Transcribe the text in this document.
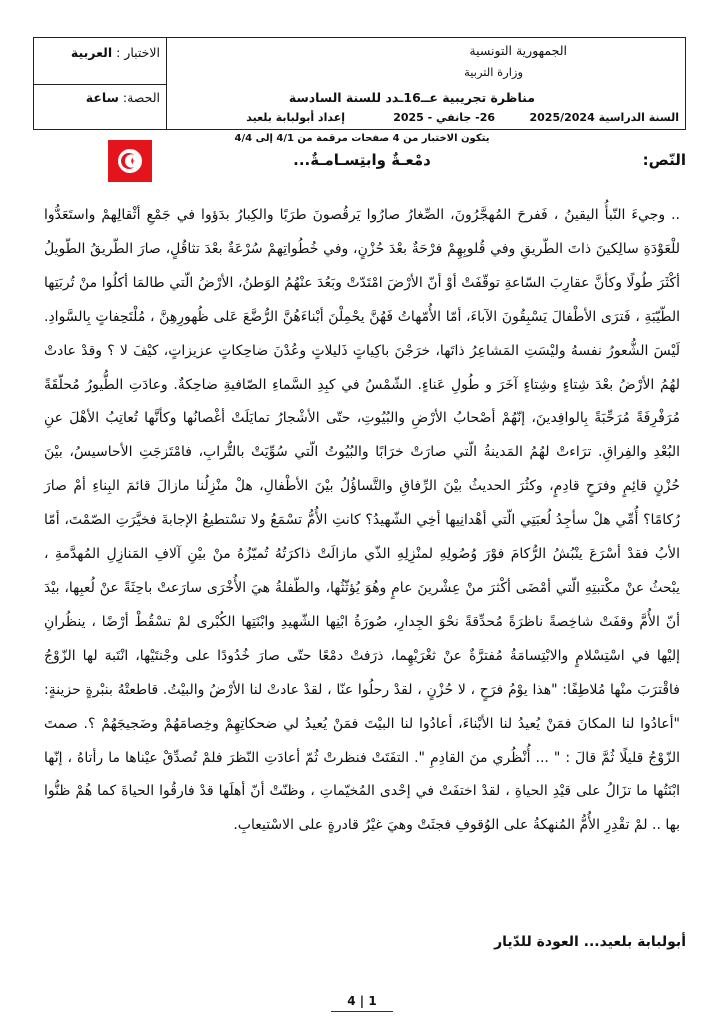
الجمهورية التونسية
وزارة التربية
مناظرة تجريبية عــ16ـدد للسنة السادسة
السنة الدراسية 2025/2024
26- جانفي - 2025
إعداد أبولبابة بلعيد
الاختبار : العربية
الحصة: ساعة
يتكون الاختبار من 4 صفحات مرقمة من 4/1 إلى 4/4
النّص:
دمْعـةٌ وابتِسـامـةٌ...
.. وجيءَ النّبأُ اليقينُ ، فَفرحَ المُهجَّرُونَ، الصِّغارُ صارُوا يَرقُصونَ طرَبًا والكِبارُ بدَؤوا في جَمْعِ أثْقالِهمْ واستَعَدُّوا للْعَوْدَةِ سالِكينَ ذاتَ الطّريقِ وفي قُلوبِهِمْ فرْحَةٌ بعْدَ حُزْنٍ، وفي خُطُواتِهمْ سُرْعَةٌ بعْدَ تثاقُلٍ، صارَ الطّريقُ الطّويلُ أكْثَرَ طُولًا وكأنَّ عقارِبَ السّاعةِ توقّفَتْ أوْ أنّ الأرْضَ امْتَدّتْ وبَعُدَ عنْهُمُ الوَطنُ، الأرْضُ الّتي طالمَا أكلُوا منْ تُربَتِها الطّيّبَةِ ، فَترَى الأطْفالَ يَسْبِقُونَ الآباءَ، أمّا الأُمّهاتُ فَهُنَّ يحْمِلْنَ أبْناءَهُنَّ الرُّضَّعَ عَلى ظُهورِهِنَّ ، مُلْتَحِفاتٍ بِالسَّوادِ. لَيْسَ الشُّعورُ نفسهُ وليْسَتِ المَشاعِرُ ذاتَها، خرَجْنَ باكِياتٍ ذَليلاتٍ وعُدْنَ ضاحِكاتٍ عزيزاتٍ، كيْفَ لا ؟ وقدْ عادتْ لهُمُ الأرْضُ بعْدَ شِتاءٍ وشِتاءٍ آخَرَ و طُولِ عَناءٍ. الشّمْسُ في كبِدِ السَّماءِ الصّافيةِ ضاحِكةٌ. وعادَتِ الطُّيورُ مُحلّقَةً مُرَفْرِفَةً مُرَحِّبَةً بِالوافِدينَ، إنّهُمْ أصْحابُ الأرْضِ والبُيُوتِ، حتّى الأشْجارُ تمايَلَتْ أغْصانُها وكأنَّها تُعاتِبُ الأهْلَ عنِ البُعْدِ والفِراقِ. ترَاءتْ لهُمُ المَدينةُ الّتي صارَتْ خرَابًا والبُيُوتُ الّتي سُوِّيَتْ بالتُّرابِ، فامْتَزجَتِ الأحاسيسُ، بيْنَ حُزْنٍ قائِمٍ وفرَحٍ قادِمٍ، وكثُرَ الحديثُ بيْنَ الرِّفاقِ والتَّساؤُلُ بيْنَ الأطْفالِ، هلْ منْزِلُنا مازالَ قائمَ البِناءِ أمْ صارَ رُكامًا؟ أُمِّي هلْ سأجِدُ لُعبَتِي الّتي أهْدانِيها أخِي الشّهيدُ؟ كانتِ الأُمُّ تسْمَعُ ولا تسْتطيعُ الإجابةَ فخيَّرَتِ الصّمْتَ، أمّا الأبُ فقدْ أسْرَعَ ينْبُشُ الرُّكامَ فوْرَ وُصُولِهِ لمنْزِلِهِ الذّي مازالَتْ ذاكرَتُهُ تُميّزُهُ منْ بيْنِ آلافِ المَنازِلِ المُهدَّمةِ ، يبْحثُ عنْ مكْتبتِهِ الّتي أمْضَى أكْثرَ منْ عِشْرينَ عامٍ وهُوَ يُؤثّثُها، والطّفلةُ هيَ الأُخْرَى سارَعتْ باحِثَةً عنْ لُعبِها، بيْدَ أنّ الأُمَّ وقفَتْ شاخِصةً ناظرَةً مُحدِّقةً نحْوَ الجِدارِ، صُورَةُ ابْنِها الشّهيدِ وابْنَتِها الكُبْرى لمْ تسْقُطْ أرْضًا ، ينظُرانِ إليْها في اسْتِسْلامٍ والابْتِسامَةُ مُفترَّةٌ عنْ ثغْرَيْهِما، ذرَفتْ دمْعًا حتّى صارَ خُدُودًا على وجْنتَيْها، انْتَبهَ لها الزّوْجُ فاقْترَبَ منْها مُلاطِفًا: "هذا يوْمُ فرَحٍ ، لا حُزْنٍ ، لقدْ رحلُوا عنّا ، لقدْ عادتْ لنا الأرْضُ والبيْتُ. قاطعتْهُ بنبْرةٍ حزينةٍ: "أعادُوا لنا المكانَ فمَنْ يُعيدُ لنا الأبْناءَ، أعادُوا لنا البيْتَ فمَنْ يُعيدُ لي ضحكاتِهِمْ وخِصامَهُمْ وضَجيجَهُمْ ؟. صمتَ الزّوْجُ قليلًا ثُمَّ قالَ : " ... أُنْظُري منَ القادِمِ ". التفَتَتْ فنظرتْ ثُمّ أعادَتِ النّظرَ فلمْ تُصدِّقْ عيْناها ما رأتاهُ ، إنّها ابْنَتُها ما تزَالُ على قيْدِ الحياةِ ، لقدْ اختفَتْ في إحْدى المُخيّماتِ ، وظنّتْ أنّ أهلَها قدْ فارقُوا الحياةَ كما هُمْ ظنُّوا بها .. لمْ تقْدِرِ الأُمُّ المُنهكةُ على الوُقوفِ فجثَتْ وهيَ غيْرُ قادرةٍ على الاسْتيعابِ.
أبولبابة بلعيد... العودة للدّيار
4 | 1
